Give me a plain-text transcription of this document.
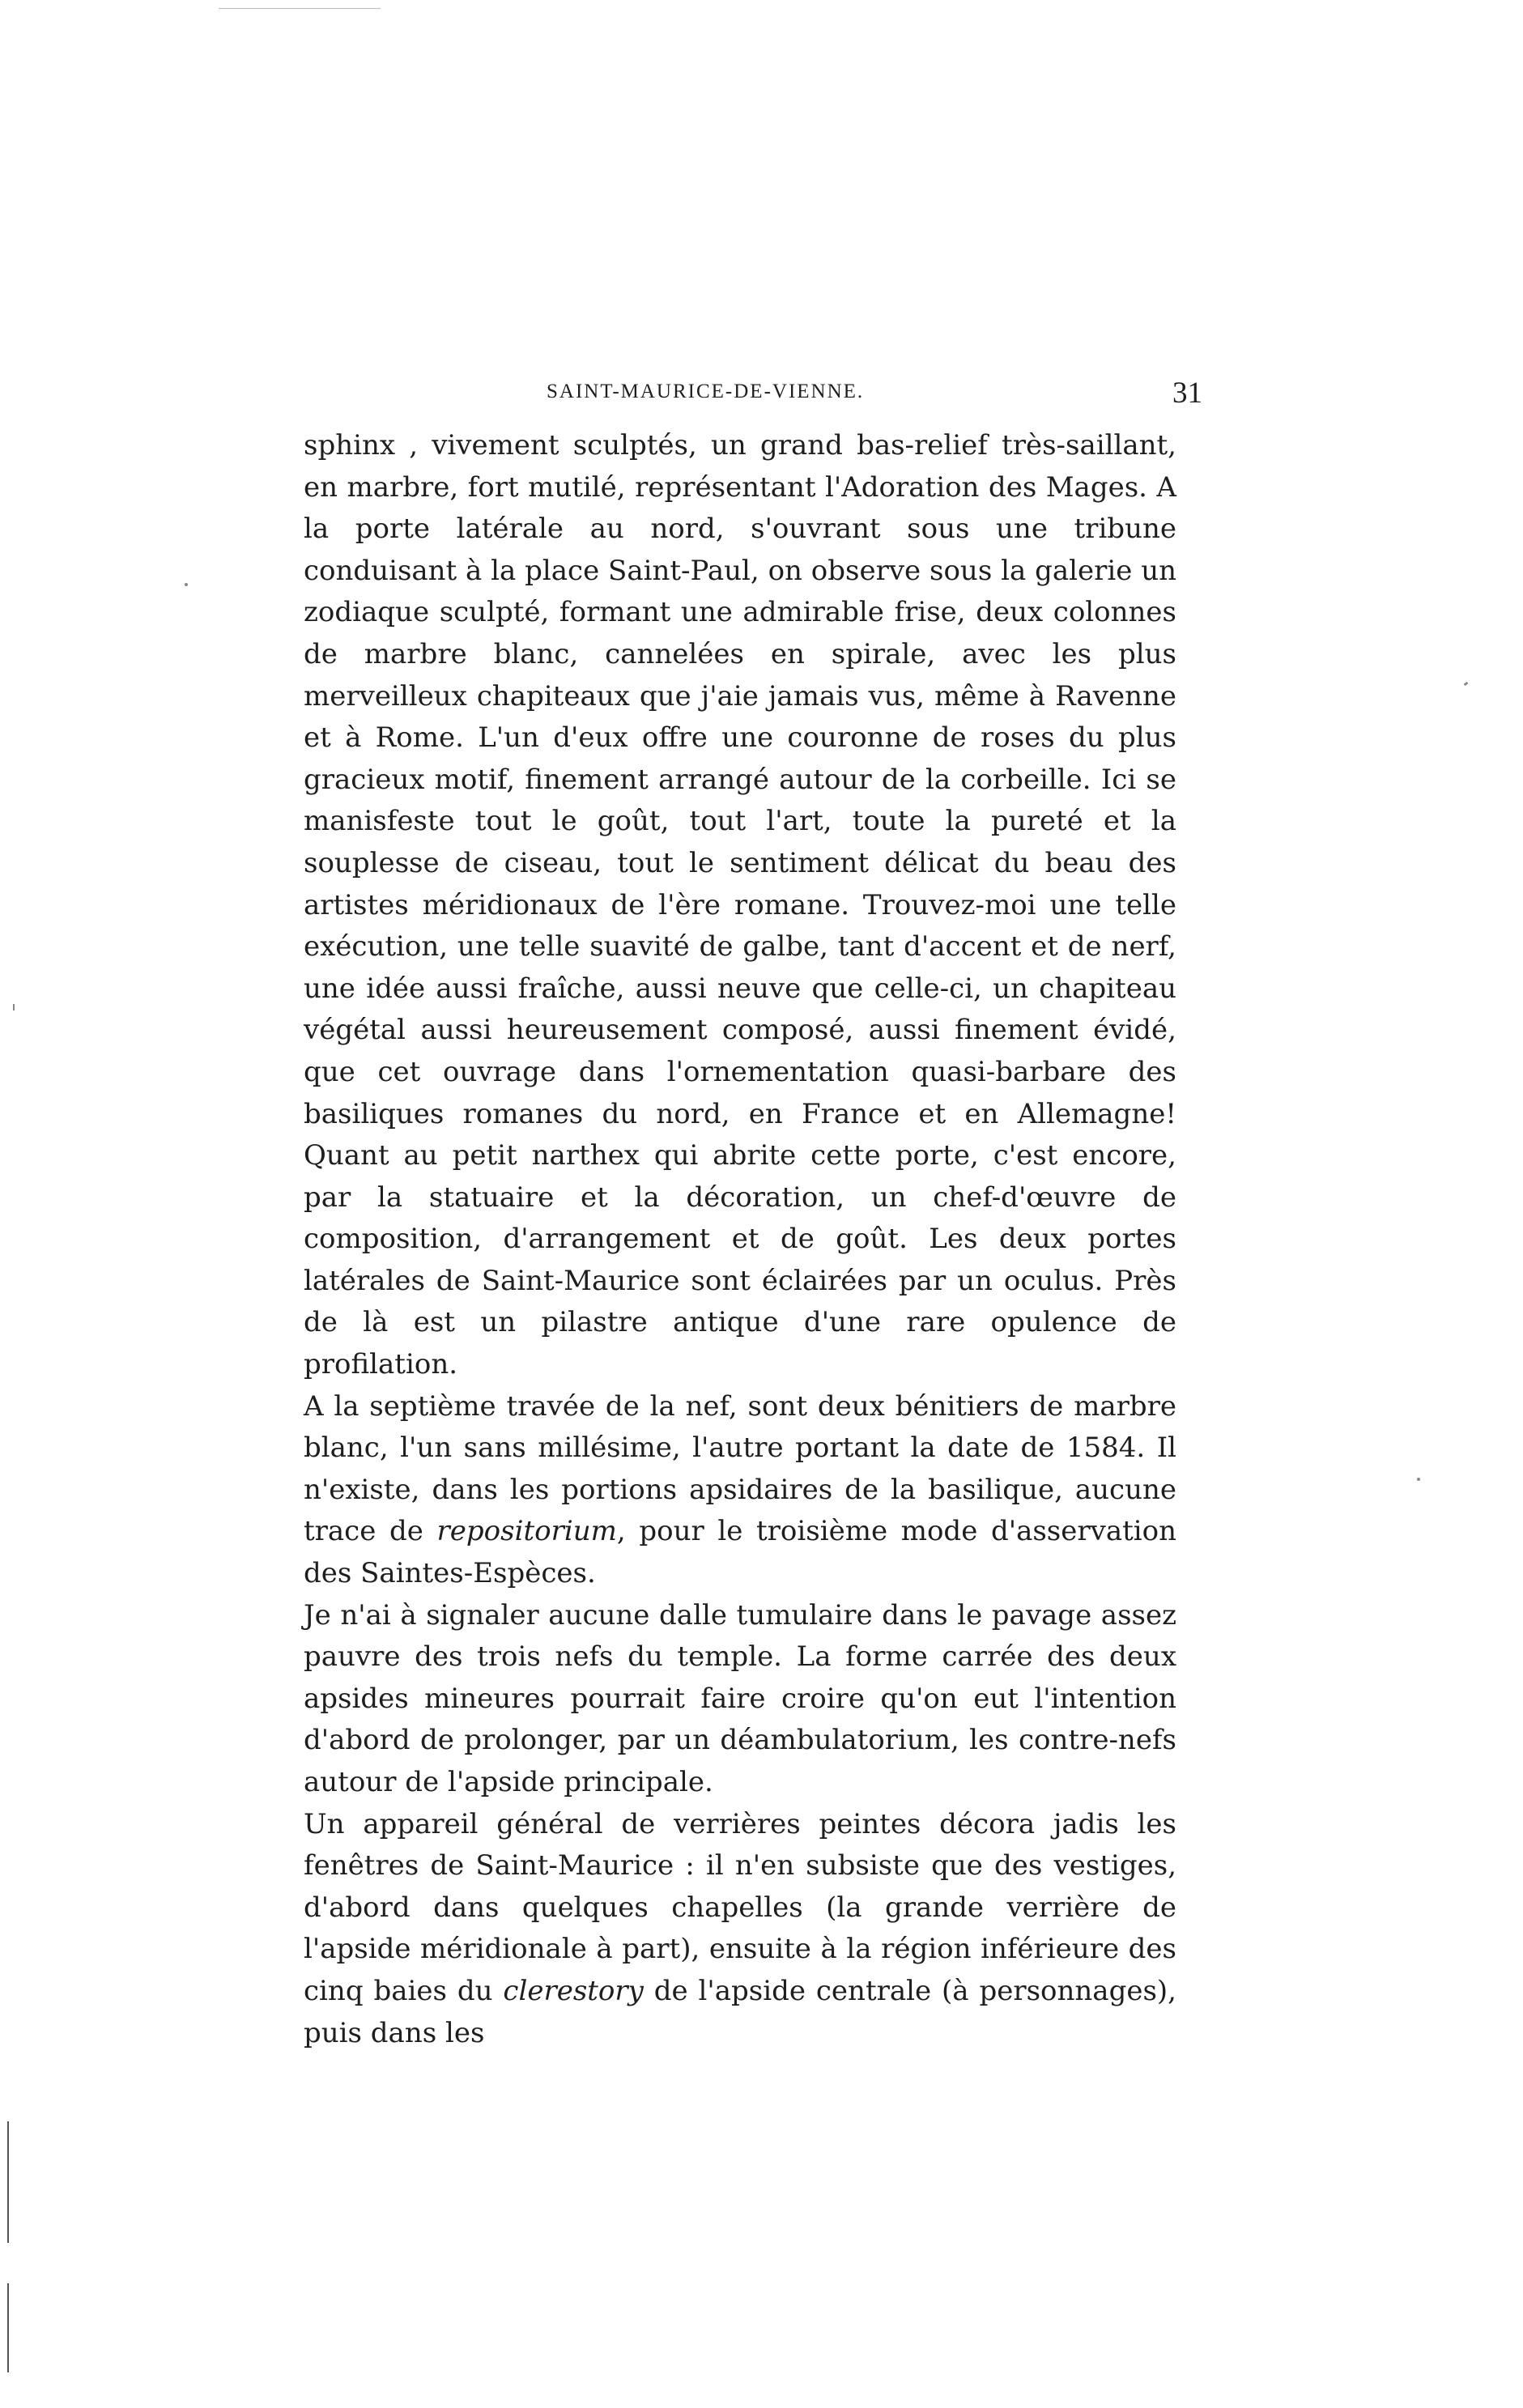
SAINT-MAURICE-DE-VIENNE.	31

sphinx , vivement sculptés, un grand bas-relief très-saillant, en marbre, fort mutilé, représentant l'Adoration des Mages. A la porte latérale au nord, s'ouvrant sous une tribune conduisant à la place Saint-Paul, on observe sous la galerie un zodiaque sculpté, formant une admirable frise, deux colonnes de marbre blanc, cannelées en spirale, avec les plus merveilleux chapiteaux que j'aie jamais vus, même à Ravenne et à Rome. L'un d'eux offre une couronne de roses du plus gracieux motif, finement arrangé autour de la corbeille. Ici se manisfeste tout le goût, tout l'art, toute la pureté et la souplesse de ciseau, tout le sentiment délicat du beau des artistes méridionaux de l'ère romane. Trouvez-moi une telle exécution, une telle suavité de galbe, tant d'accent et de nerf, une idée aussi fraîche, aussi neuve que celle-ci, un chapiteau végétal aussi heureusement composé, aussi finement évidé, que cet ouvrage dans l'ornementation quasi-barbare des basiliques romanes du nord, en France et en Allemagne! Quant au petit narthex qui abrite cette porte, c'est encore, par la statuaire et la décoration, un chef-d'œuvre de composition, d'arrangement et de goût. Les deux portes latérales de Saint-Maurice sont éclairées par un oculus. Près de là est un pilastre antique d'une rare opulence de profilation.

A la septième travée de la nef, sont deux bénitiers de marbre blanc, l'un sans millésime, l'autre portant la date de 1584. Il n'existe, dans les portions apsidaires de la basilique, aucune trace de repositorium, pour le troisième mode d'asservation des Saintes-Espèces.

Je n'ai à signaler aucune dalle tumulaire dans le pavage assez pauvre des trois nefs du temple. La forme carrée des deux apsides mineures pourrait faire croire qu'on eut l'intention d'abord de prolonger, par un déambulatorium, les contre-nefs autour de l'apside principale.

Un appareil général de verrières peintes décora jadis les fenêtres de Saint-Maurice : il n'en subsiste que des vestiges, d'abord dans quelques chapelles (la grande verrière de l'apside méridionale à part), ensuite à la région inférieure des cinq baies du clerestory de l'apside centrale (à personnages), puis dans les
